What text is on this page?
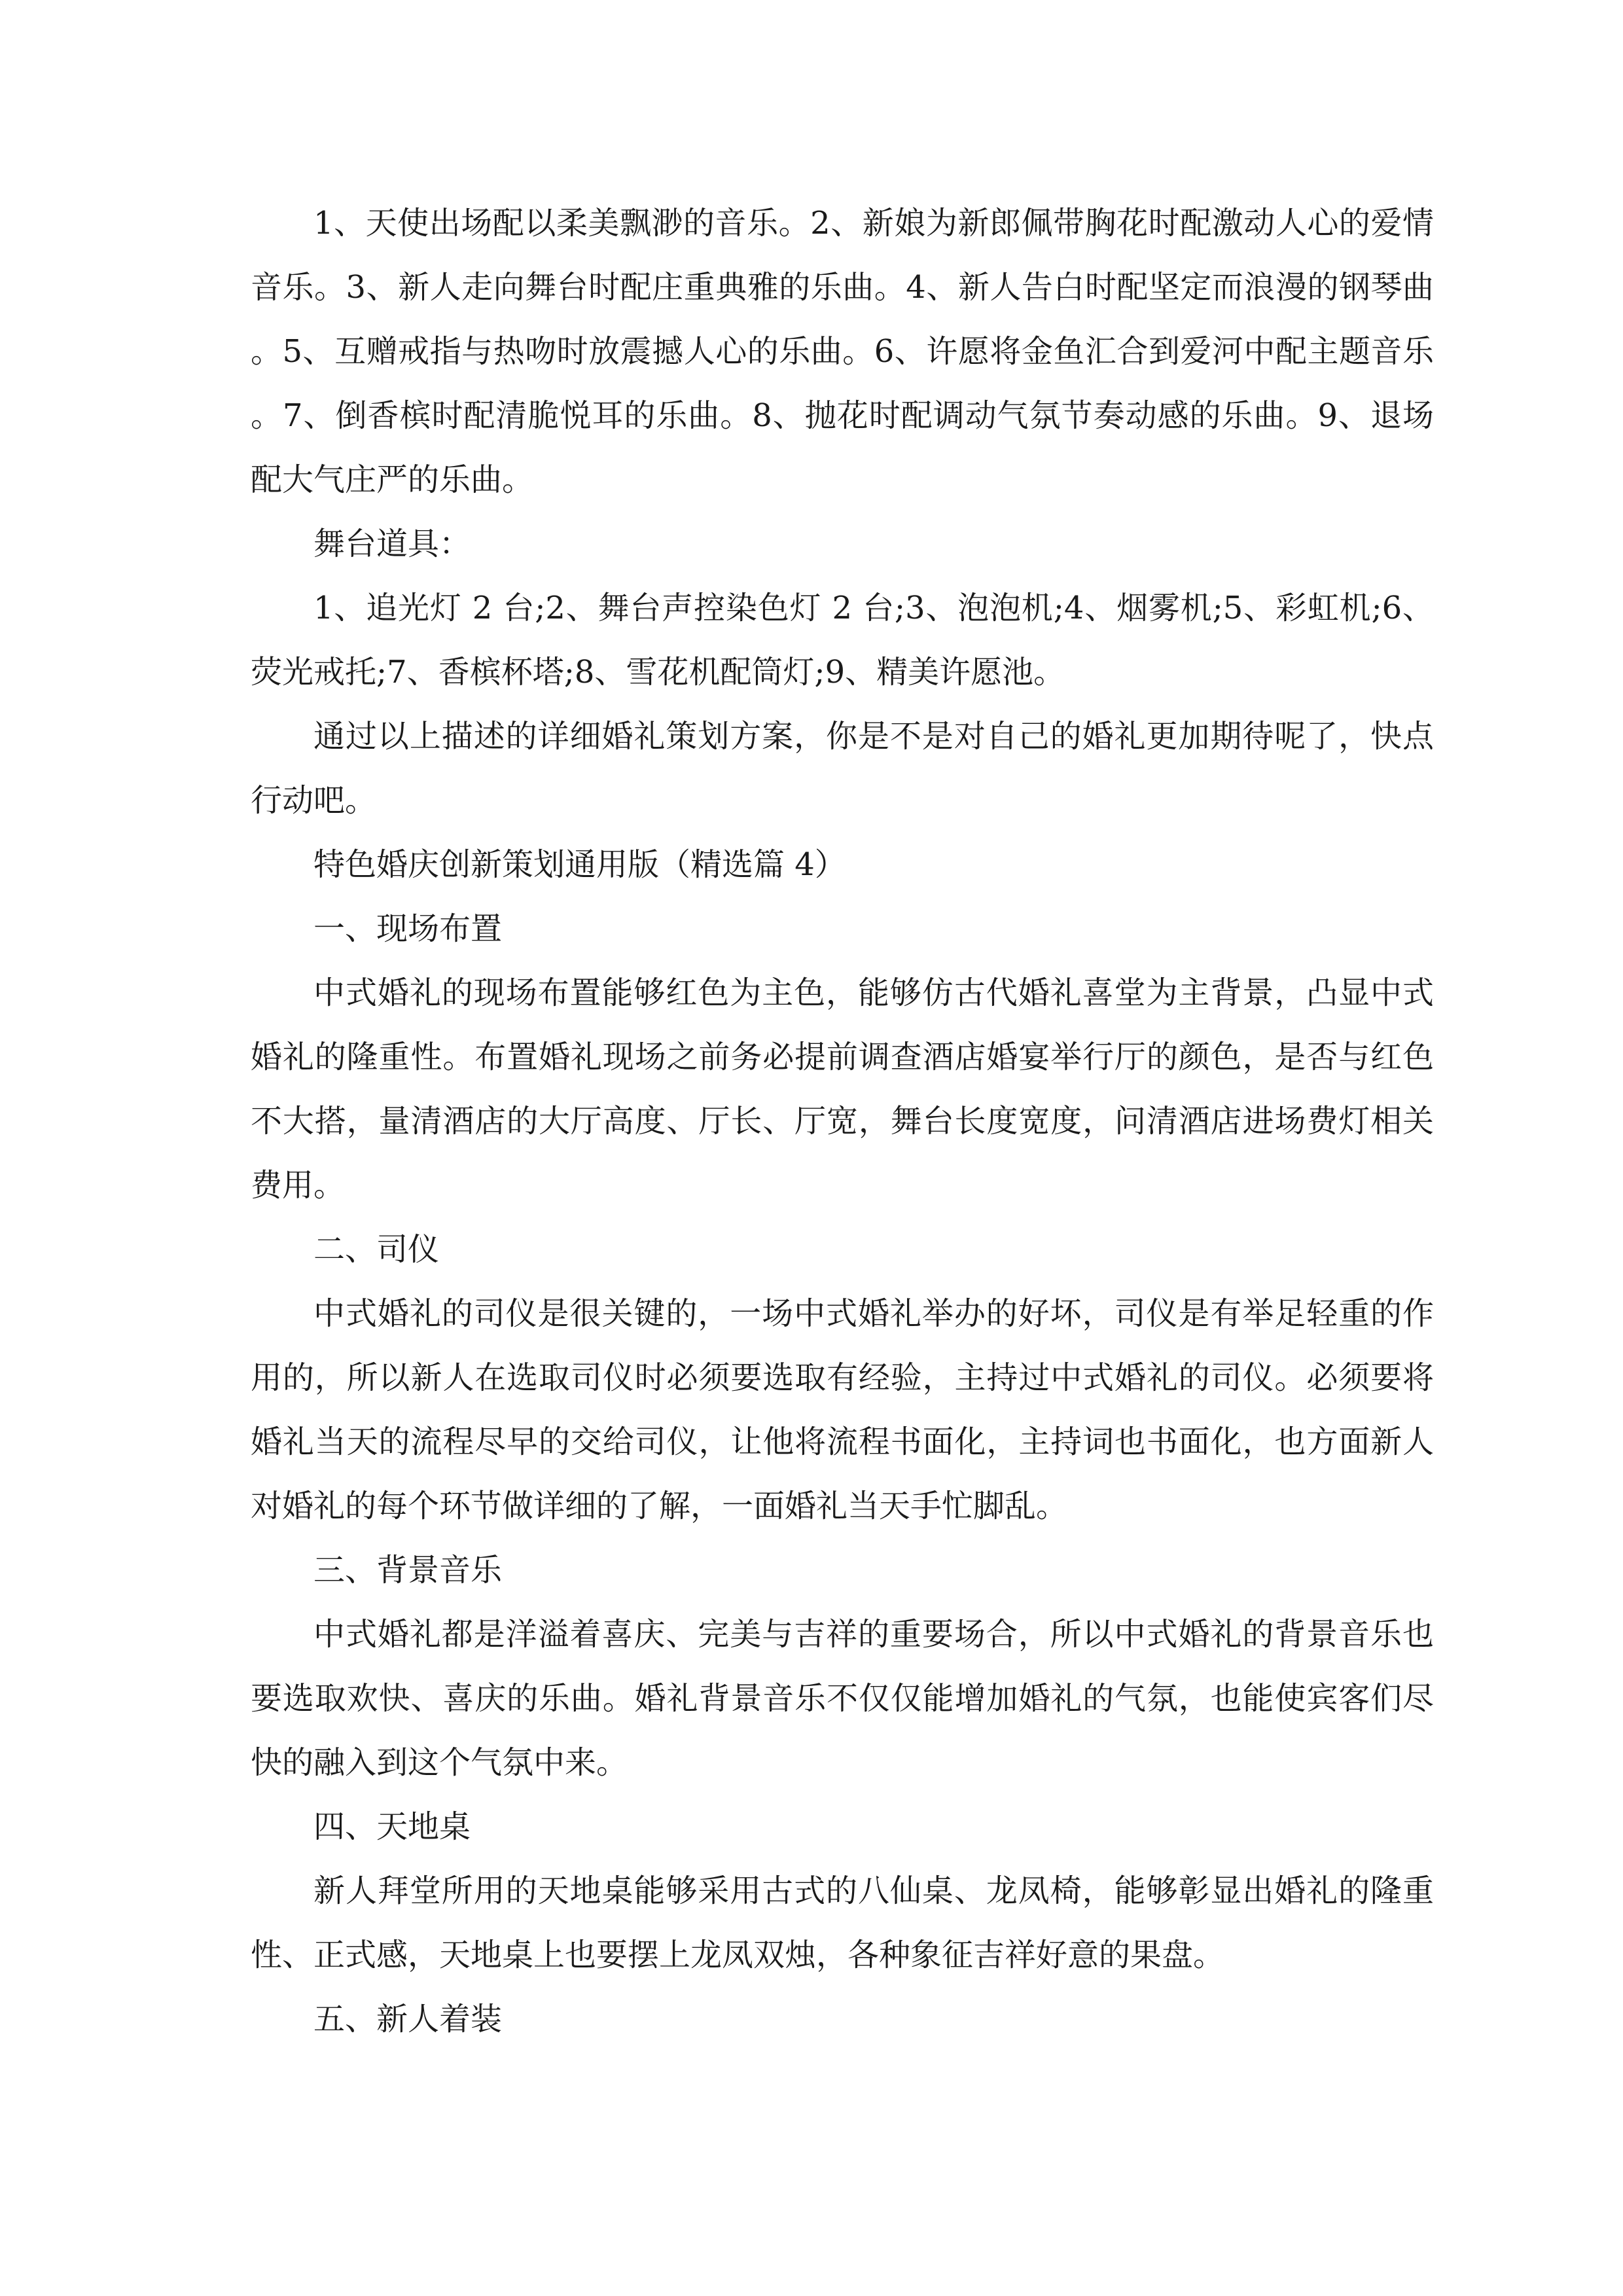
1、天使出场配以柔美飘渺的音乐。2、新娘为新郎佩带胸花时配激动人心的爱情音乐。3、新人走向舞台时配庄重典雅的乐曲。4、新人告白时配坚定而浪漫的钢琴曲。5、互赠戒指与热吻时放震撼人心的乐曲。6、许愿将金鱼汇合到爱河中配主题音乐。7、倒香槟时配清脆悦耳的乐曲。8、抛花时配调动气氛节奏动感的乐曲。9、退场配大气庄严的乐曲。

舞台道具：

1、追光灯 2 台;2、舞台声控染色灯 2 台;3、泡泡机;4、烟雾机;5、彩虹机;6、荧光戒托;7、香槟杯塔;8、雪花机配筒灯;9、精美许愿池。

通过以上描述的详细婚礼策划方案，你是不是对自己的婚礼更加期待呢了，快点行动吧。

特色婚庆创新策划通用版（精选篇 4）

一、现场布置

中式婚礼的现场布置能够红色为主色，能够仿古代婚礼喜堂为主背景，凸显中式婚礼的隆重性。布置婚礼现场之前务必提前调查酒店婚宴举行厅的颜色，是否与红色不大搭，量清酒店的大厅高度、厅长、厅宽，舞台长度宽度，问清酒店进场费灯相关费用。

二、司仪

中式婚礼的司仪是很关键的，一场中式婚礼举办的好坏，司仪是有举足轻重的作用的，所以新人在选取司仪时必须要选取有经验，主持过中式婚礼的司仪。必须要将婚礼当天的流程尽早的交给司仪，让他将流程书面化，主持词也书面化，也方面新人对婚礼的每个环节做详细的了解，一面婚礼当天手忙脚乱。

三、背景音乐

中式婚礼都是洋溢着喜庆、完美与吉祥的重要场合，所以中式婚礼的背景音乐也要选取欢快、喜庆的乐曲。婚礼背景音乐不仅仅能增加婚礼的气氛，也能使宾客们尽快的融入到这个气氛中来。

四、天地桌

新人拜堂所用的天地桌能够采用古式的八仙桌、龙凤椅，能够彰显出婚礼的隆重性、正式感，天地桌上也要摆上龙凤双烛，各种象征吉祥好意的果盘。

五、新人着装
